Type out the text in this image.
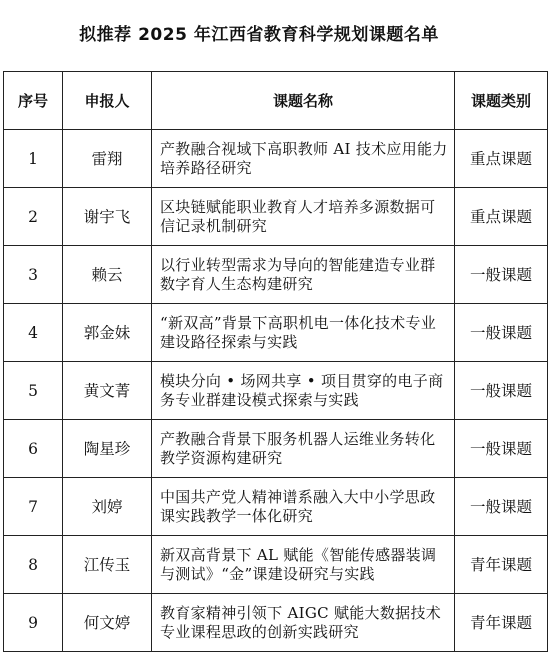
拟推荐 2025 年江西省教育科学规划课题名单
序号	申报人	课题名称	课题类别
1	雷翔	产教融合视域下高职教师 AI 技术应用能力培养路径研究	重点课题
2	谢宇飞	区块链赋能职业教育人才培养多源数据可信记录机制研究	重点课题
3	赖云	以行业转型需求为导向的智能建造专业群数字育人生态构建研究	一般课题
4	郭金妹	“新双高”背景下高职机电一体化技术专业建设路径探索与实践	一般课题
5	黄文菁	模块分向 • 场网共享 • 项目贯穿的电子商务专业群建设模式探索与实践	一般课题
6	陶星珍	产教融合背景下服务机器人运维业务转化教学资源构建研究	一般课题
7	刘婷	中国共产党人精神谱系融入大中小学思政课实践教学一体化研究	一般课题
8	江传玉	新双高背景下 AL 赋能《智能传感器装调与测试》“金”课建设研究与实践	青年课题
9	何文婷	教育家精神引领下 AIGC 赋能大数据技术专业课程思政的创新实践研究	青年课题
